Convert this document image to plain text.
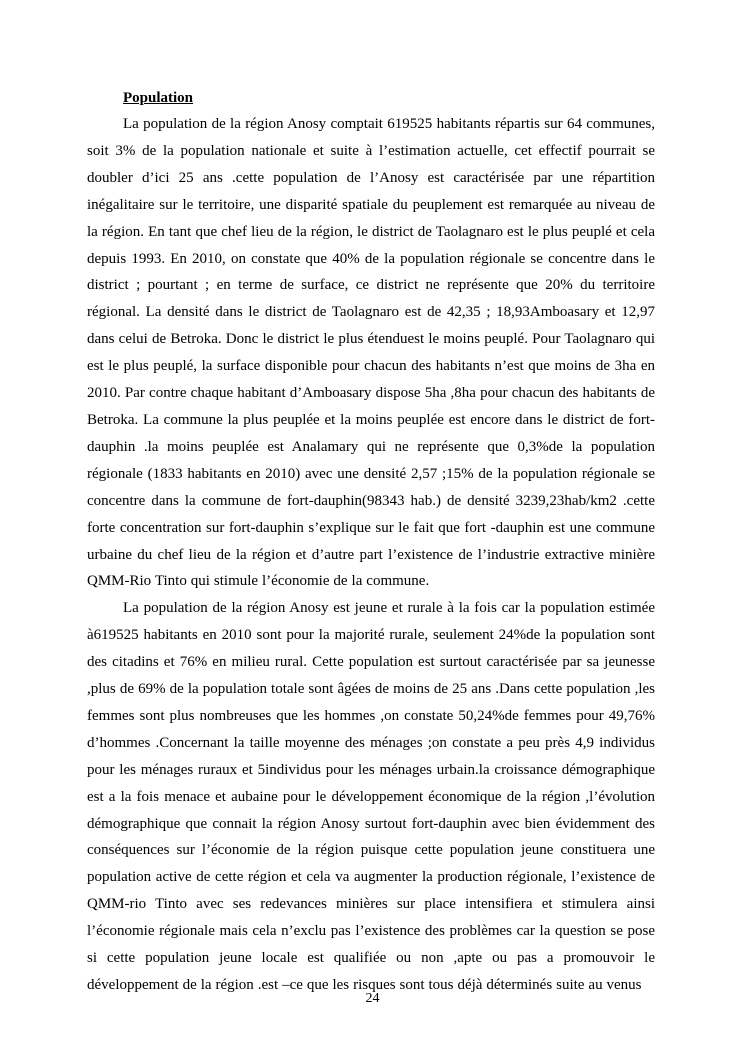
Population

La population de la région Anosy comptait 619525 habitants répartis sur 64 communes, soit 3% de la population nationale et suite à l’estimation actuelle, cet effectif pourrait se doubler d’ici 25 ans .cette population de l’Anosy est caractérisée par une répartition inégalitaire sur le territoire, une disparité spatiale du peuplement est remarquée au niveau de la région. En tant que chef lieu de la région, le district de Taolagnaro est le plus peuplé et cela depuis 1993. En 2010, on constate que 40% de la population régionale se concentre dans le district ; pourtant ; en terme de surface, ce district ne représente que 20% du territoire régional. La densité dans le district de Taolagnaro est de 42,35 ; 18,93Amboasary et 12,97 dans celui de Betroka. Donc le district le plus étenduest le moins peuplé. Pour Taolagnaro qui est le plus peuplé, la surface disponible pour chacun des habitants n’est que moins de 3ha en 2010. Par contre chaque habitant d’Amboasary dispose 5ha ,8ha pour chacun des habitants de Betroka. La commune la plus peuplée et la moins peuplée est encore dans le district de fort-dauphin .la moins peuplée est Analamary qui ne représente que 0,3%de la population régionale (1833 habitants en 2010) avec une densité 2,57 ;15% de la population régionale se concentre dans la commune de fort-dauphin(98343 hab.) de densité 3239,23hab/km2 .cette forte concentration sur fort-dauphin s’explique sur le fait que fort -dauphin est une commune urbaine du chef lieu de la région et d’autre part l’existence de l’industrie extractive minière QMM-Rio Tinto qui stimule l’économie de la commune.

La population de la région Anosy est jeune et rurale à la fois car la population estimée à619525 habitants en 2010 sont pour la majorité rurale, seulement 24%de la population sont des citadins et 76% en milieu rural. Cette population est surtout caractérisée par sa jeunesse ,plus de 69% de la population totale sont âgées de moins de 25 ans .Dans cette population ,les femmes sont plus nombreuses que les hommes ,on constate 50,24%de femmes pour 49,76% d’hommes .Concernant la taille moyenne des ménages ;on constate a peu près 4,9 individus pour les ménages ruraux et 5individus pour les ménages urbain.la croissance démographique est a la fois menace et aubaine pour le développement économique de la région ,l’évolution démographique que connait la région Anosy surtout fort-dauphin avec bien évidemment des conséquences sur l’économie de la région puisque cette population jeune constituera une population active de cette région et cela va augmenter la production régionale, l’existence de QMM-rio Tinto avec ses redevances minières sur place intensifiera et stimulera ainsi l’économie régionale mais cela n’exclu pas l’existence des problèmes car la question se pose si cette population jeune locale est qualifiée ou non ,apte ou pas a promouvoir le développement de la région .est –ce que les risques sont tous déjà déterminés suite au venus

24
